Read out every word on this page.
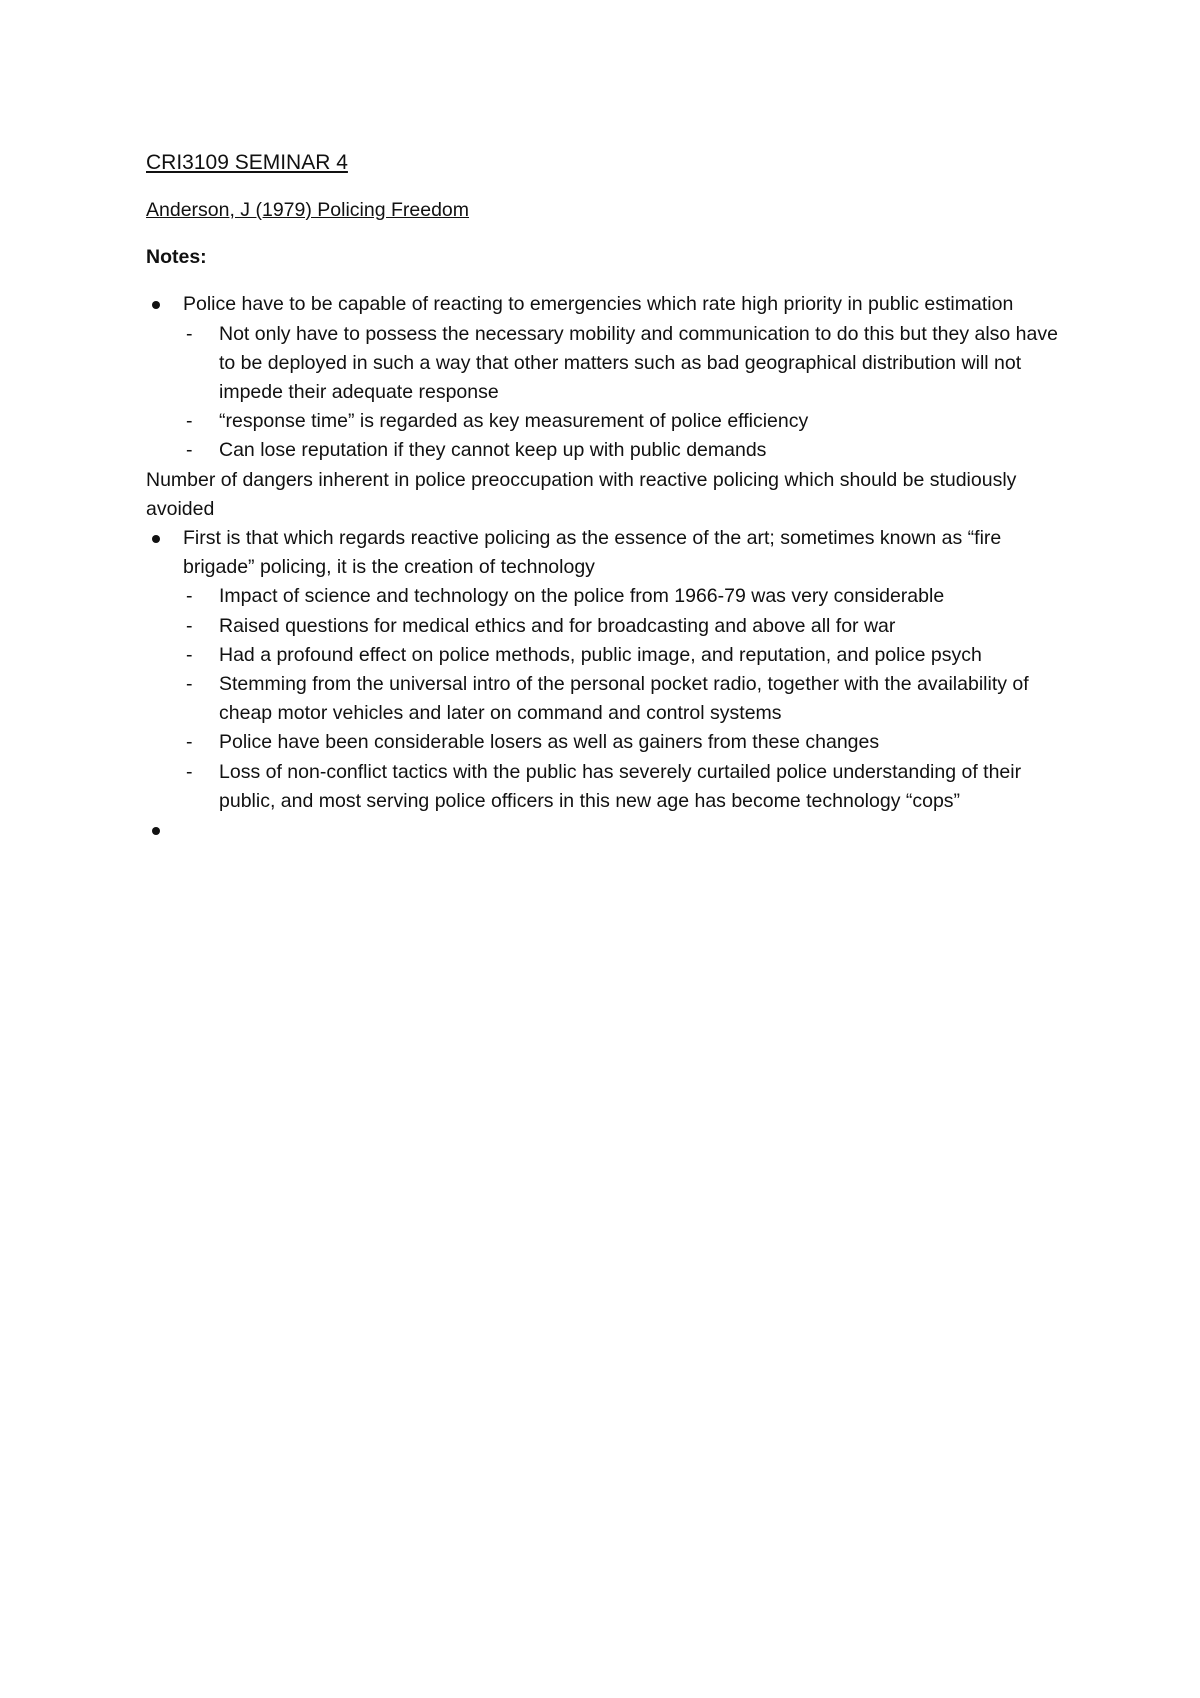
CRI3109 SEMINAR 4
Anderson, J (1979) Policing Freedom
Notes:
Police have to be capable of reacting to emergencies which rate high priority in public estimation
- Not only have to possess the necessary mobility and communication to do this but they also have to be deployed in such a way that other matters such as bad geographical distribution will not impede their adequate response
- “response time” is regarded as key measurement of police efficiency
- Can lose reputation if they cannot keep up with public demands
Number of dangers inherent in police preoccupation with reactive policing which should be studiously avoided
First is that which regards reactive policing as the essence of the art; sometimes known as “fire brigade” policing, it is the creation of technology
- Impact of science and technology on the police from 1966-79 was very considerable
- Raised questions for medical ethics and for broadcasting and above all for war
- Had a profound effect on police methods, public image, and reputation, and police psych
- Stemming from the universal intro of the personal pocket radio, together with the availability of cheap motor vehicles and later on command and control systems
- Police have been considerable losers as well as gainers from these changes
- Loss of non-conflict tactics with the public has severely curtailed police understanding of their public, and most serving police officers in this new age has become technology “cops”
